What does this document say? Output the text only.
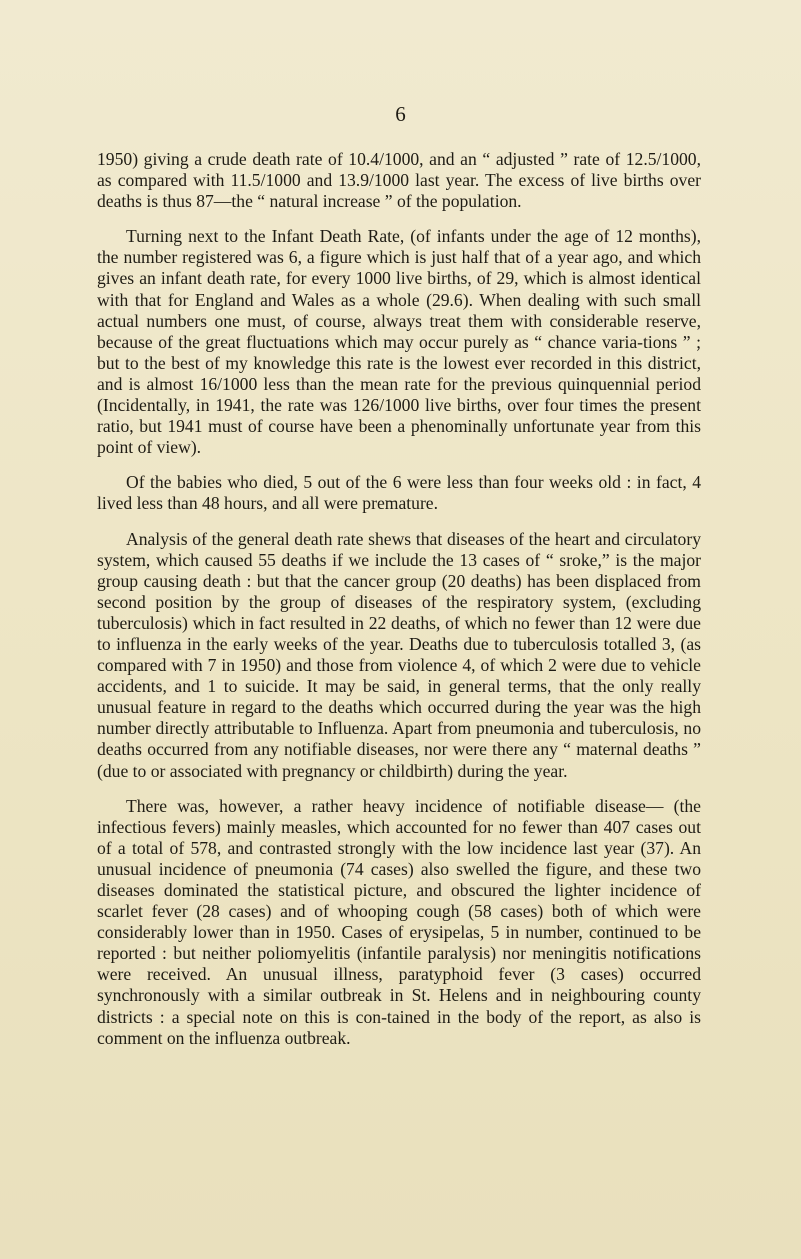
6

1950) giving a crude death rate of 10.4/1000, and an “ adjusted ” rate of 12.5/1000, as compared with 11.5/1000 and 13.9/1000 last year. The excess of live births over deaths is thus 87—the “ natural increase ” of the population.

Turning next to the Infant Death Rate, (of infants under the age of 12 months), the number registered was 6, a figure which is just half that of a year ago, and which gives an infant death rate, for every 1000 live births, of 29, which is almost identical with that for England and Wales as a whole (29.6). When dealing with such small actual numbers one must, of course, always treat them with considerable reserve, because of the great fluctuations which may occur purely as “ chance varia-tions ” ; but to the best of my knowledge this rate is the lowest ever recorded in this district, and is almost 16/1000 less than the mean rate for the previous quinquennial period (Incidentally, in 1941, the rate was 126/1000 live births, over four times the present ratio, but 1941 must of course have been a phenominally unfortunate year from this point of view).

Of the babies who died, 5 out of the 6 were less than four weeks old : in fact, 4 lived less than 48 hours, and all were premature.

Analysis of the general death rate shews that diseases of the heart and circulatory system, which caused 55 deaths if we include the 13 cases of “ sroke,” is the major group causing death : but that the cancer group (20 deaths) has been displaced from second position by the group of diseases of the respiratory system, (excluding tuberculosis) which in fact resulted in 22 deaths, of which no fewer than 12 were due to influenza in the early weeks of the year. Deaths due to tuberculosis totalled 3, (as compared with 7 in 1950) and those from violence 4, of which 2 were due to vehicle accidents, and 1 to suicide. It may be said, in general terms, that the only really unusual feature in regard to the deaths which occurred during the year was the high number directly attributable to Influenza. Apart from pneumonia and tuberculosis, no deaths occurred from any notifiable diseases, nor were there any “ maternal deaths ” (due to or associated with pregnancy or childbirth) during the year.

There was, however, a rather heavy incidence of notifiable disease— (the infectious fevers) mainly measles, which accounted for no fewer than 407 cases out of a total of 578, and contrasted strongly with the low incidence last year (37). An unusual incidence of pneumonia (74 cases) also swelled the figure, and these two diseases dominated the statistical picture, and obscured the lighter incidence of scarlet fever (28 cases) and of whooping cough (58 cases) both of which were considerably lower than in 1950. Cases of erysipelas, 5 in number, continued to be reported : but neither poliomyelitis (infantile paralysis) nor meningitis notifications were received. An unusual illness, paratyphoid fever (3 cases) occurred synchronously with a similar outbreak in St. Helens and in neighbouring county districts : a special note on this is con-tained in the body of the report, as also is comment on the influenza outbreak.
